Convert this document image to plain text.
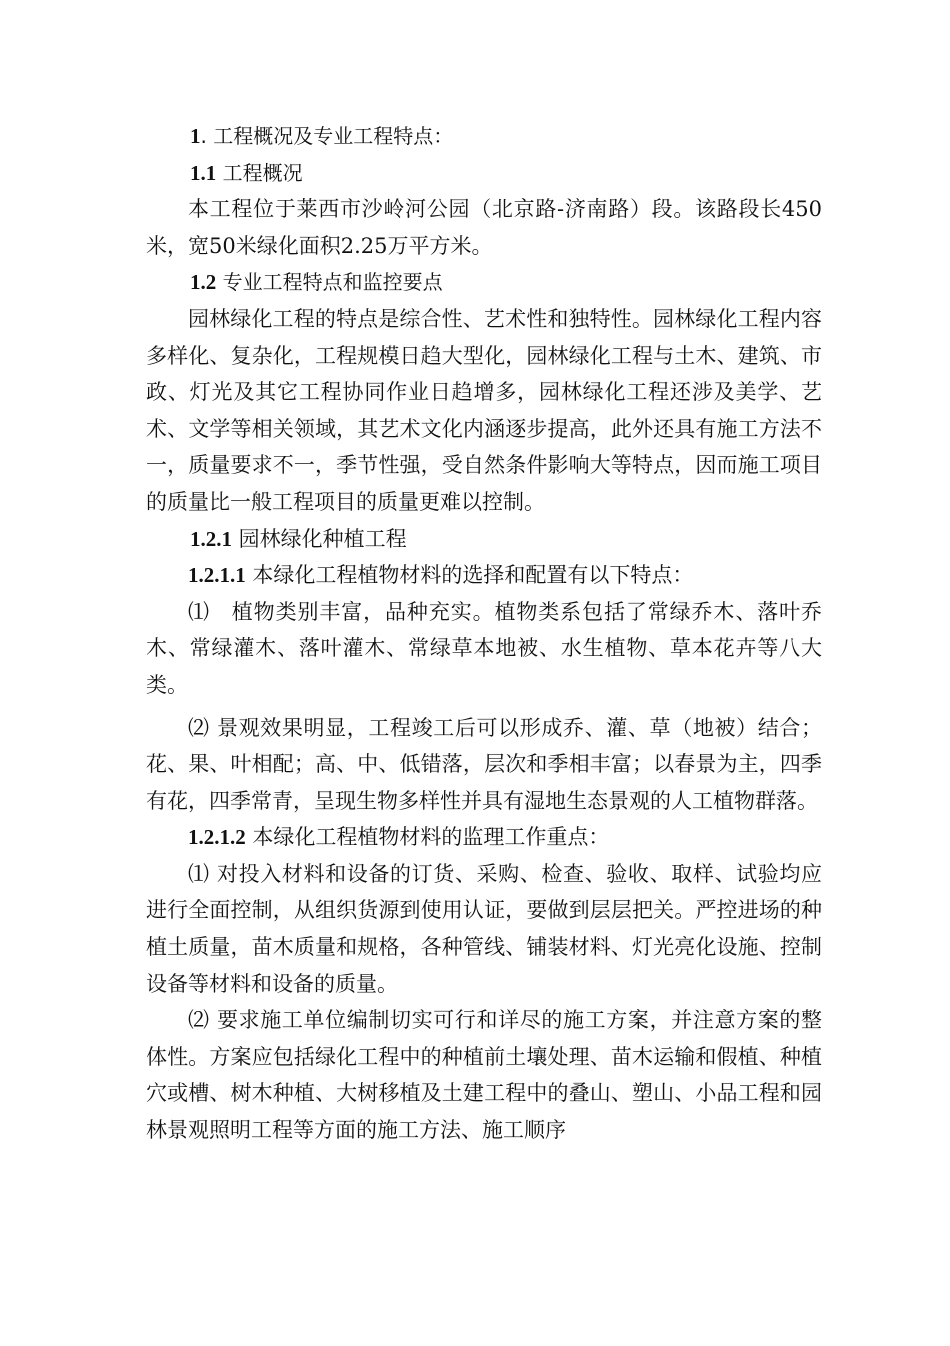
1. 工程概况及专业工程特点：

1.1 工程概况

本工程位于莱西市沙岭河公园（北京路-济南路）段。该路段长450米，宽50米绿化面积2.25万平方米。

1.2 专业工程特点和监控要点

园林绿化工程的特点是综合性、艺术性和独特性。园林绿化工程内容多样化、复杂化，工程规模日趋大型化，园林绿化工程与土木、建筑、市政、灯光及其它工程协同作业日趋增多，园林绿化工程还涉及美学、艺术、文学等相关领域，其艺术文化内涵逐步提高，此外还具有施工方法不一，质量要求不一，季节性强，受自然条件影响大等特点，因而施工项目的质量比一般工程项目的质量更难以控制。

1.2.1 园林绿化种植工程

1.2.1.1 本绿化工程植物材料的选择和配置有以下特点：

⑴　植物类别丰富，品种充实。植物类系包括了常绿乔木、落叶乔木、常绿灌木、落叶灌木、常绿草本地被、水生植物、草本花卉等八大类。

⑵ 景观效果明显，工程竣工后可以形成乔、灌、草（地被）结合；花、果、叶相配；高、中、低错落，层次和季相丰富；以春景为主，四季有花，四季常青，呈现生物多样性并具有湿地生态景观的人工植物群落。

1.2.1.2 本绿化工程植物材料的监理工作重点：

⑴ 对投入材料和设备的订货、采购、检查、验收、取样、试验均应进行全面控制，从组织货源到使用认证，要做到层层把关。严控进场的种植土质量，苗木质量和规格，各种管线、铺装材料、灯光亮化设施、控制设备等材料和设备的质量。

⑵ 要求施工单位编制切实可行和详尽的施工方案，并注意方案的整体性。方案应包括绿化工程中的种植前土壤处理、苗木运输和假植、种植穴或槽、树木种植、大树移植及土建工程中的叠山、塑山、小品工程和园林景观照明工程等方面的施工方法、施工顺序
